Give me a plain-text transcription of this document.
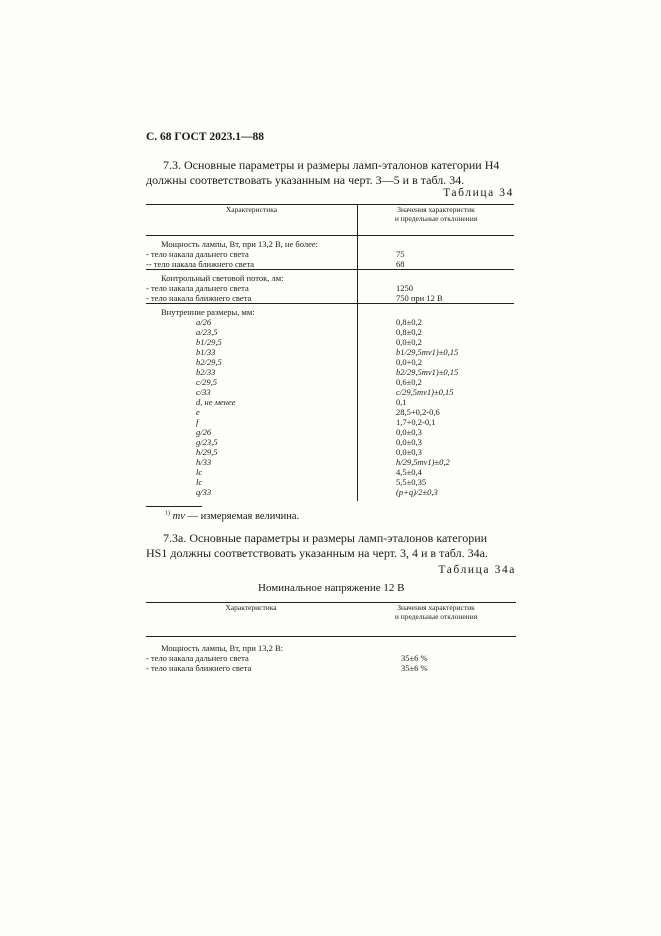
С. 68 ГОСТ 2023.1—88
7.3. Основные параметры и размеры ламп-эталонов категории Н4
должны соответствовать указанным на черт. 3—5 и в табл. 34.
Таблица 34
Характеристика	Значения характеристик
и предельные отклонения

Мощность лампы, Вт, при 13,2 В, не более:	
- тело накала дальнего света	75
-- тело накала ближнего света	68
Контрольный световой поток, лм:	
- тело накала дальнего света	1250
- тело накала ближнего света	750 при 12 В
Внутренние размеры, мм:	
a/26	0,8±0,2
a/23,5	0,8±0,2
b1/29,5	0,0±0,2
b1/33	b1/29,5mv1)±0,15
b2/29,5	0,0+0,2
b2/33	b2/29,5mv1)±0,15
c/29,5	0,6±0,2
c/33	c/29,5mv1)±0,15
d, не менее	0,1
e	28,5+0,2-0,6
f	1,7+0,2-0,1
g/26	0,0±0,3
g/23,5	0,0±0,3
h/29,5	0,0±0,3
h/33	h/29,5mv1)±0,2
lc	4,5±0,4
lc	5,5±0,35
q/33	(p+q)/2±0,3
$^{1)}$ mv — измеряемая величина.
7.3а. Основные параметры и размеры ламп-эталонов категории
HS1 должны соответствовать указанным на черт. 3, 4 и в табл. 34а.
Таблица 34а
Номинальное напряжение 12 В
Характеристика	Значения характеристик
и предельные отклонения

Мощность лампы, Вт, при 13,2 В:	
- тело накала дальнего света	35±6 %
- тело накала ближнего света	35±6 %
